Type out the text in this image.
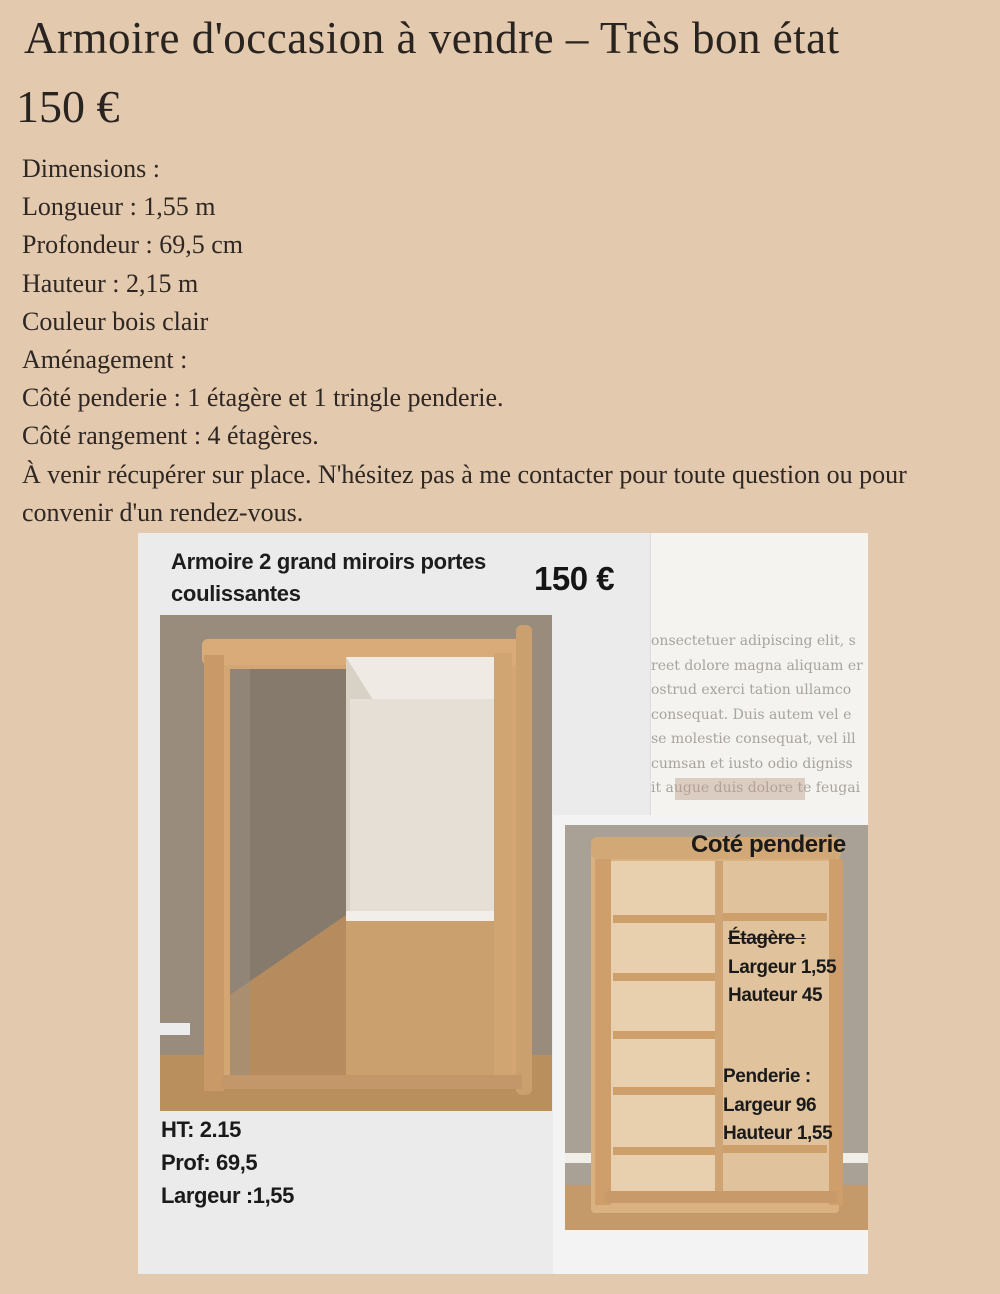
Armoire d'occasion à vendre – Très bon état
150 €
Dimensions :
Longueur : 1,55 m
Profondeur : 69,5 cm
Hauteur : 2,15 m
Couleur bois clair
Aménagement :
Côté penderie : 1 étagère et 1 tringle penderie.
Côté rangement : 4 étagères.
À venir récupérer sur place. N'hésitez pas à me contacter pour toute question ou pour convenir d'un rendez-vous.
onsectetuer adipiscing elit, s
reet dolore magna aliquam er
ostrud exerci tation ullamco
consequat. Duis autem vel e
se molestie consequat, vel ill
cumsan et iusto odio digniss
it augue duis dolore te feugai
Armoire 2 grand miroirs portes coulissantes	150 €
HT: 2.15
Prof: 69,5
Largeur :1,55
Coté penderie
Étagère :
Largeur 1,55
Hauteur 45
Penderie :
Largeur 96
Hauteur 1,55
